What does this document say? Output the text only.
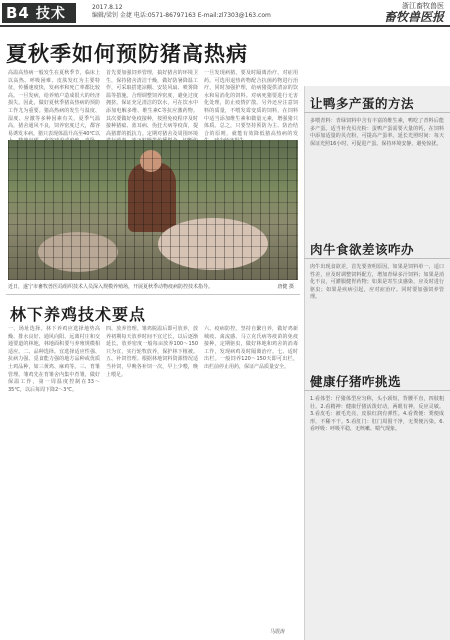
B4 技术	2017.8.12
编辑/梁钊 金捷 电话:0571-86797163 E-mail:zl7303@163.com
浙江畜牧兽医
畜牧兽医报
夏秋季如何预防猪高热病
高温高热病一般发生在夏秋季节，临床上以高热、呼吸困难、皮肤发红为主要特征，传播速度快，发病率和死亡率都比较高。一旦发病，给养殖户造成很大的经济损失。因此，做好夏秋季猪高热病的预防工作尤为重要。猪高热病的发生与温度、湿度、应激等多种因素有关，夏季气温高，猪舍通风不良，饲养密度过大，都容易诱发本病。猪只表现体温升高至40℃以
首先要加强饲养管理，搞好猪舍的环境卫生，保持猪舍清洁干燥，做好防暑降温工作，可采取搭建凉棚、安装风扇、喷雾降温等措施。合理调整饲养密度，避免过度拥挤。保证充足清洁的饮水，可在饮水中添加电解多维、维生素C等抗应激药物。其次要做好免疫接种，按照免疫程序及时接种猪瘟、蓝耳病、伪狂犬病等疫苗，提高猪群的抵抗力。定期对猪舍及周围环境
一旦发现病猪，要及时隔离治疗，对症用药。可选用退热药物配合抗菌药物进行治疗，同时加强护理，给病猪提供清凉的饮水和易消化的饲料。对病死猪要进行无害化处理，防止疫情扩散。另外还应注意饲料的质量，不喂发霉变质的饲料，在饲料中适当添加维生素和微量元素，增强猪只体质。总之，只要坚持预防为主、防治结合的原则，就能有效降低猪高热病的发
近日，遂宁市畜牧兽医局组织技术人员深入规模养殖场，开展夏秋季动物疫病防控技术指导。	唐健 摄
林下养鸡技术要点
一、场址选择。林下养鸡应选择地势高燥、排水良好、通风向阳、远离村庄和交通要道的林地，林地面积要与养殖规模相适应。二、品种选择。宜选择适应性强、抗病力强、觅食能力强的地方品种或优质土鸡品种，如三黄鸡、麻鸡等。三、育雏管理。雏鸡先在育雏舍内集中育雏，做好保温工作，第一周温度控制在33～35℃，以后每周下降2～3℃。
四、放养管理。雏鸡脱温后即可放养，放养初期每天放养时间不宜过长，以后逐渐延长。放养密度一般每亩放养100～150只为宜，实行轮牧放养，保护林下植被。五、补饲管理。根据林地饲料资源情况适当补饲，早晚各补饲一次，早上少喂，晚上喂足。
六、疫病防控。坚持自繁自养，做好鸡新城疫、禽流感、马立克氏病等疫苗的免疫接种。定期驱虫，做好林地和鸡舍的消毒工作，发现病鸡及时隔离治疗。七、适时出栏。一般饲养120～150天即可出栏，出栏前停止用药，保证产品质量安全。
马震涛
让鸭多产蛋的方法
多喂青料：青绿饲料中含有丰富的维生素，鸭吃了青料后能多产蛋。适当补充贝壳粉：蛋鸭产蛋需要大量的钙，在饲料中添加适量的贝壳粉，可提高产蛋率。延长光照时间：每天保证光照16小时，可促进产蛋。保持环境安静，避免惊扰。
肉牛食欲差该咋办
肉牛出现食欲差，首先要查明原因。如果是饲料单一、适口性差，应及时调整饲料配方，增加青绿多汁饲料；如果是消化不良，可灌服健胃药物；如果是寄生虫感染，应及时进行驱虫；如果是疾病引起，应对症治疗。同时要加强饲养管理。
健康仔猪咋挑选
1.看体型：仔猪体型应匀称，头小颈短，背腰平直，四肢粗壮。2.看精神：健康仔猪活泼好动，两眼有神，反应灵敏。3.看皮毛：被毛光亮，皮肤红润有弹性。4.看粪便：粪便成形，不稀不干。5.看肛门：肛门周围干净，无粪便污染。6.看呼吸：呼吸平稳，无咳嗽、喘气现象。
